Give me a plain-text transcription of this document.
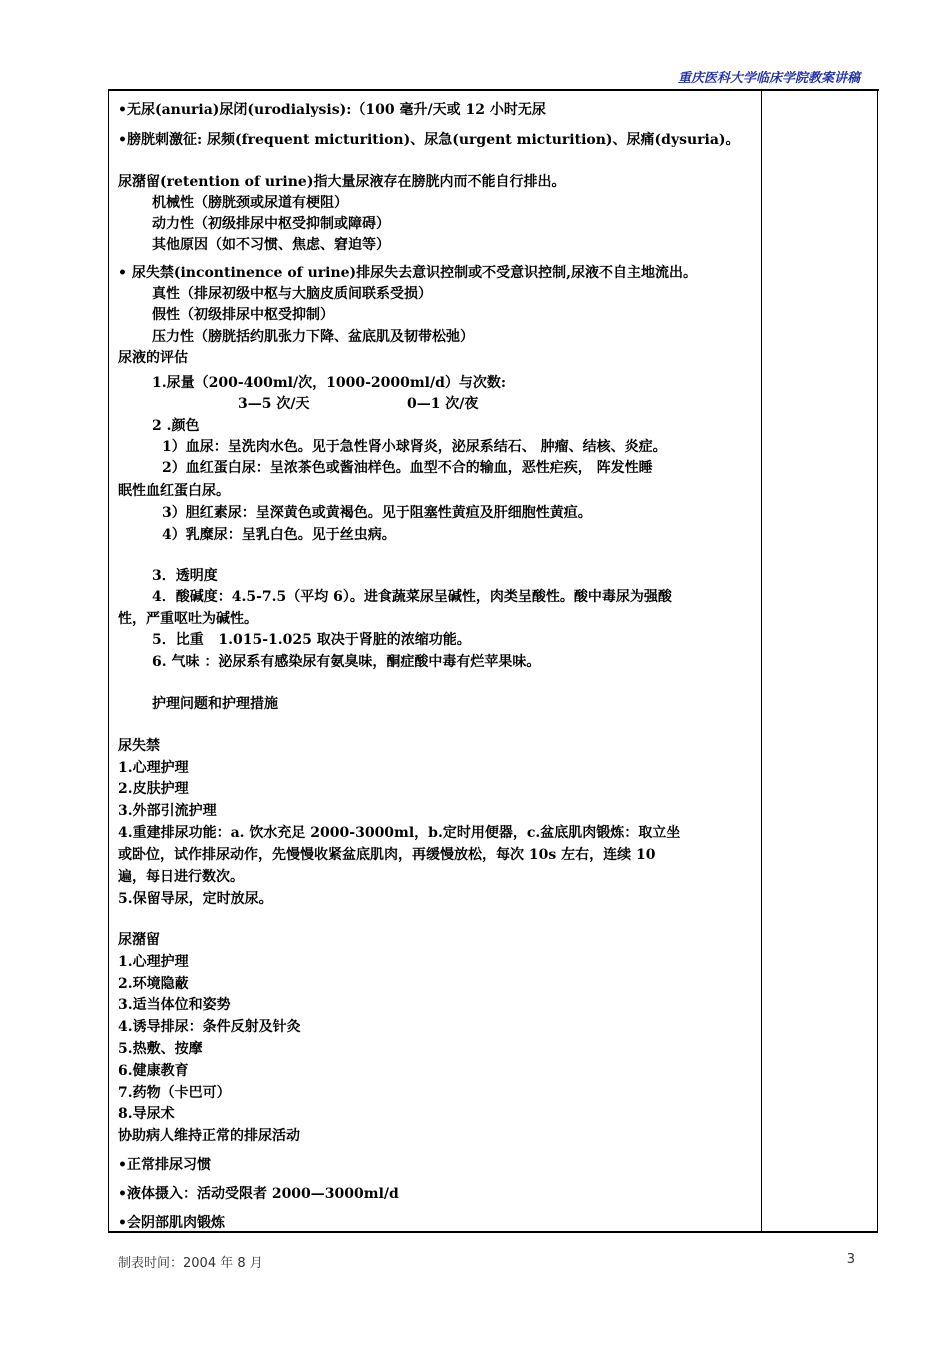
重庆医科大学临床学院教案讲稿
•无尿(anuria)尿闭(urodialysis):（100 毫升/天或 12 小时无尿
•膀胱刺激征: 尿频(frequent micturition)、尿急(urgent micturition)、尿痛(dysuria)。
尿潴留(retention of urine)指大量尿液存在膀胱内而不能自行排出。
机械性（膀胱颈或尿道有梗阻）
动力性（初级排尿中枢受抑制或障碍）
其他原因（如不习惯、焦虑、窘迫等）
• 尿失禁(incontinence of urine)排尿失去意识控制或不受意识控制,尿液不自主地流出。
真性（排尿初级中枢与大脑皮质间联系受损）
假性（初级排尿中枢受抑制）
压力性（膀胱括约肌张力下降、盆底肌及韧带松弛）
尿液的评估
1.尿量（200-400ml/次，1000-2000ml/d）与次数:
3—5 次/天                    0—1 次/夜
2 .颜色
1）血尿：呈洗肉水色。见于急性肾小球肾炎，泌尿系结石、 肿瘤、结核、炎症。
2）血红蛋白尿：呈浓茶色或酱油样色。血型不合的输血，恶性疟疾， 阵发性睡
眠性血红蛋白尿。
3）胆红素尿：呈深黄色或黄褐色。见于阻塞性黄疸及肝细胞性黄疸。
4）乳糜尿：呈乳白色。见于丝虫病。
3．透明度
4．酸碱度：4.5-7.5（平均 6）。进食蔬菜尿呈碱性，肉类呈酸性。酸中毒尿为强酸
性，严重呕吐为碱性。
5．比重   1.015-1.025 取决于肾脏的浓缩功能。
6. 气味 ：泌尿系有感染尿有氨臭味，酮症酸中毒有烂苹果味。
护理问题和护理措施
尿失禁
1.心理护理
2.皮肤护理
3.外部引流护理
4.重建排尿功能：a. 饮水充足 2000-3000ml，b.定时用便器，c.盆底肌肉锻炼：取立坐
或卧位，试作排尿动作，先慢慢收紧盆底肌肉，再缓慢放松，每次 10s 左右，连续 10
遍，每日进行数次。
5.保留导尿，定时放尿。
尿潴留
1.心理护理
2.环境隐蔽
3.适当体位和姿势
4.诱导排尿：条件反射及针灸
5.热敷、按摩
6.健康教育
7.药物（卡巴可）
8.导尿术
协助病人维持正常的排尿活动
•正常排尿习惯
•液体摄入：活动受限者 2000—3000ml/d
•会阴部肌肉锻炼
制表时间：2004 年 8 月	3
